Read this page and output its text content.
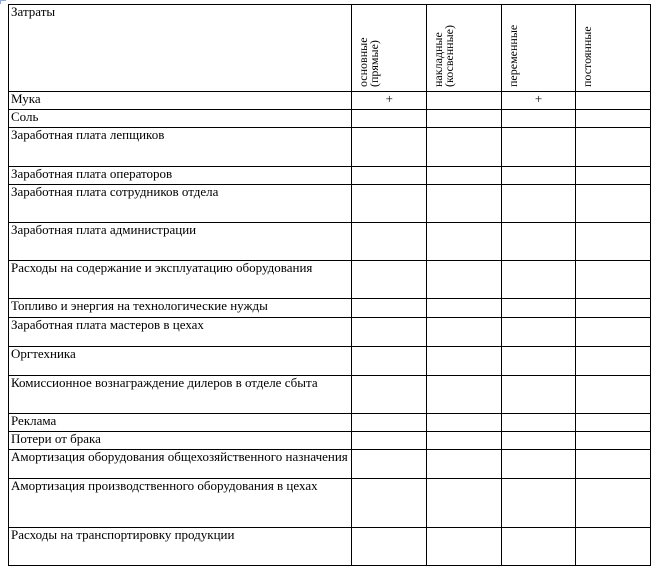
Затраты	основные (прямые)	накладные (косвенные)	переменные	постоянные

Мука	+		+	
Соль				
Заработная плата лепщиков				
Заработная плата операторов				
Заработная плата сотрудников отдела				
Заработная плата администрации				
Расходы на содержание и эксплуатацию оборудования				
Топливо и энергия на технологические нужды				
Заработная плата мастеров в цехах				
Оргтехника				
Комиссионное вознаграждение дилеров в отделе сбыта				
Реклама				
Потери от брака				
Амортизация оборудования общехозяйственного назначения				
Амортизация производственного оборудования в цехах				
Расходы на транспортировку продукции				
